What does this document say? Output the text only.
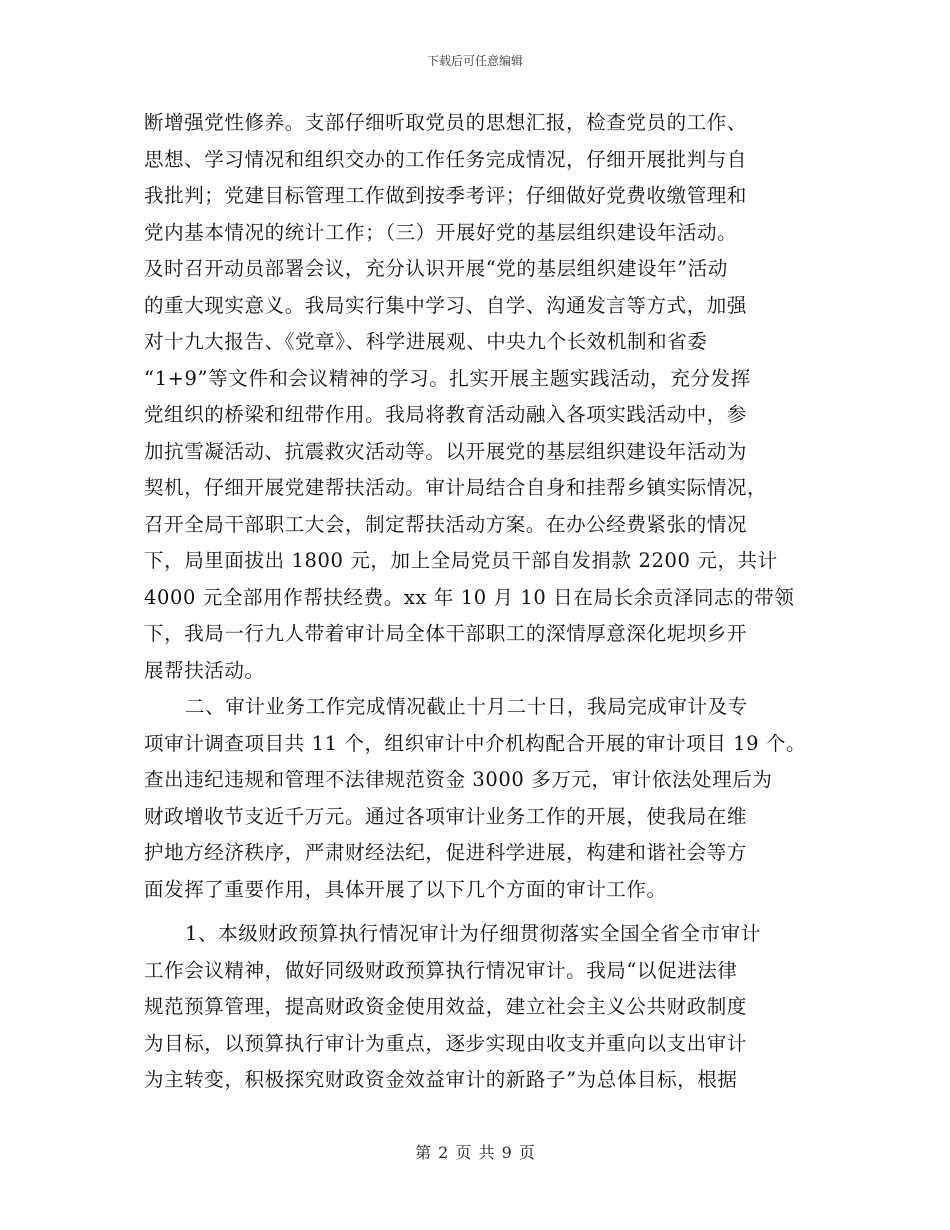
下载后可任意编辑
断增强党性修养。支部仔细听取党员的思想汇报，检查党员的工作、
思想、学习情况和组织交办的工作任务完成情况，仔细开展批判与自
我批判；党建目标管理工作做到按季考评；仔细做好党费收缴管理和
党内基本情况的统计工作；（三）开展好党的基层组织建设年活动。
及时召开动员部署会议，充分认识开展“党的基层组织建设年”活动
的重大现实意义。我局实行集中学习、自学、沟通发言等方式，加强
对十九大报告、《党章》、科学进展观、中央九个长效机制和省委
“1+9”等文件和会议精神的学习。扎实开展主题实践活动，充分发挥
党组织的桥梁和纽带作用。我局将教育活动融入各项实践活动中，参
加抗雪凝活动、抗震救灾活动等。以开展党的基层组织建设年活动为
契机，仔细开展党建帮扶活动。审计局结合自身和挂帮乡镇实际情况，
召开全局干部职工大会，制定帮扶活动方案。在办公经费紧张的情况
下，局里面拔出 1800 元，加上全局党员干部自发捐款 2200 元，共计
4000 元全部用作帮扶经费。xx 年 10 月 10 日在局长余贡泽同志的带领
下，我局一行九人带着审计局全体干部职工的深情厚意深化坭坝乡开
展帮扶活动。
二、审计业务工作完成情况截止十月二十日，我局完成审计及专
项审计调查项目共 11 个，组织审计中介机构配合开展的审计项目 19 个。
查出违纪违规和管理不法律规范资金 3000 多万元，审计依法处理后为
财政增收节支近千万元。通过各项审计业务工作的开展，使我局在维
护地方经济秩序，严肃财经法纪，促进科学进展，构建和谐社会等方
面发挥了重要作用，具体开展了以下几个方面的审计工作。
1、本级财政预算执行情况审计为仔细贯彻落实全国全省全市审计
工作会议精神，做好同级财政预算执行情况审计。我局“以促进法律
规范预算管理，提高财政资金使用效益，建立社会主义公共财政制度
为目标，以预算执行审计为重点，逐步实现由收支并重向以支出审计
为主转变，积极探究财政资金效益审计的新路子”为总体目标，根据
第 2 页 共 9 页
